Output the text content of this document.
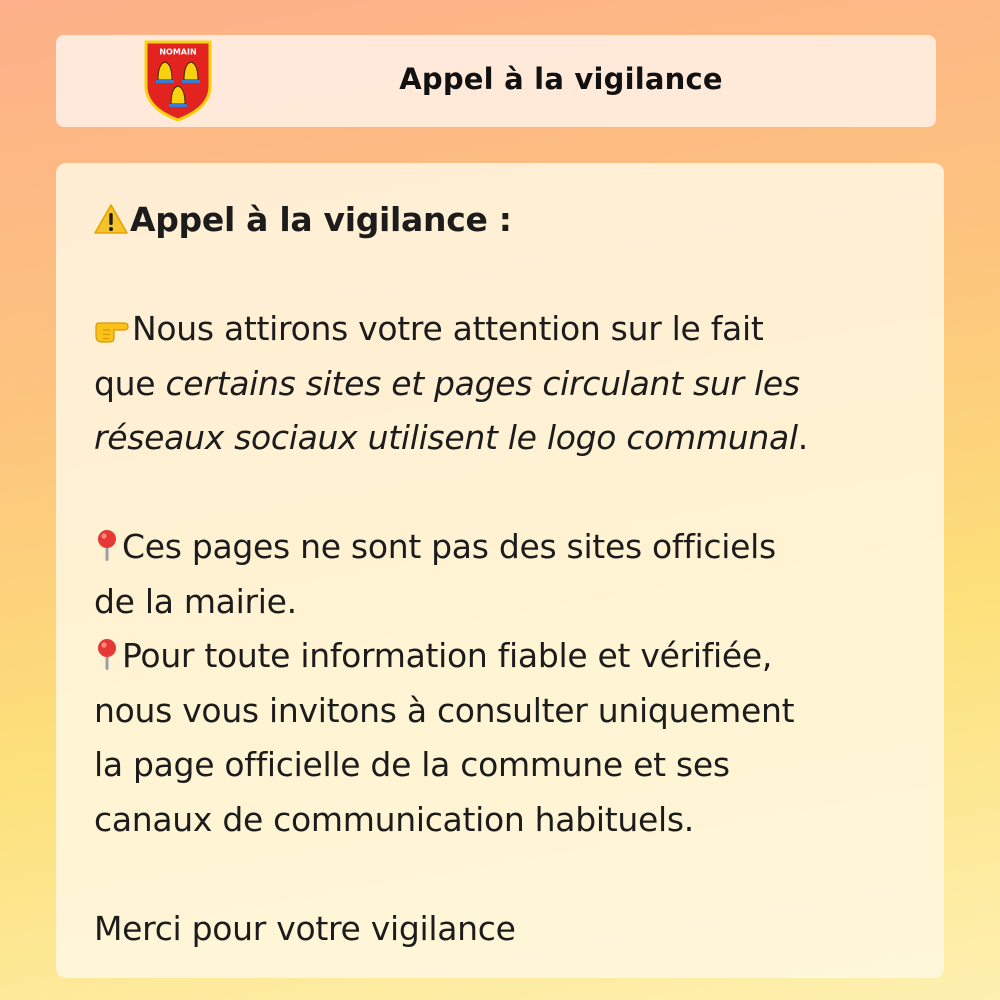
NOMAIN
Appel à la vigilance
Appel à la vigilance :
Nous attirons votre attention sur le fait
que certains sites et pages circulant sur les
réseaux sociaux utilisent le logo communal.
Ces pages ne sont pas des sites officiels
de la mairie.
Pour toute information fiable et vérifiée,
nous vous invitons à consulter uniquement
la page officielle de la commune et ses
canaux de communication habituels.
Merci pour votre vigilance
